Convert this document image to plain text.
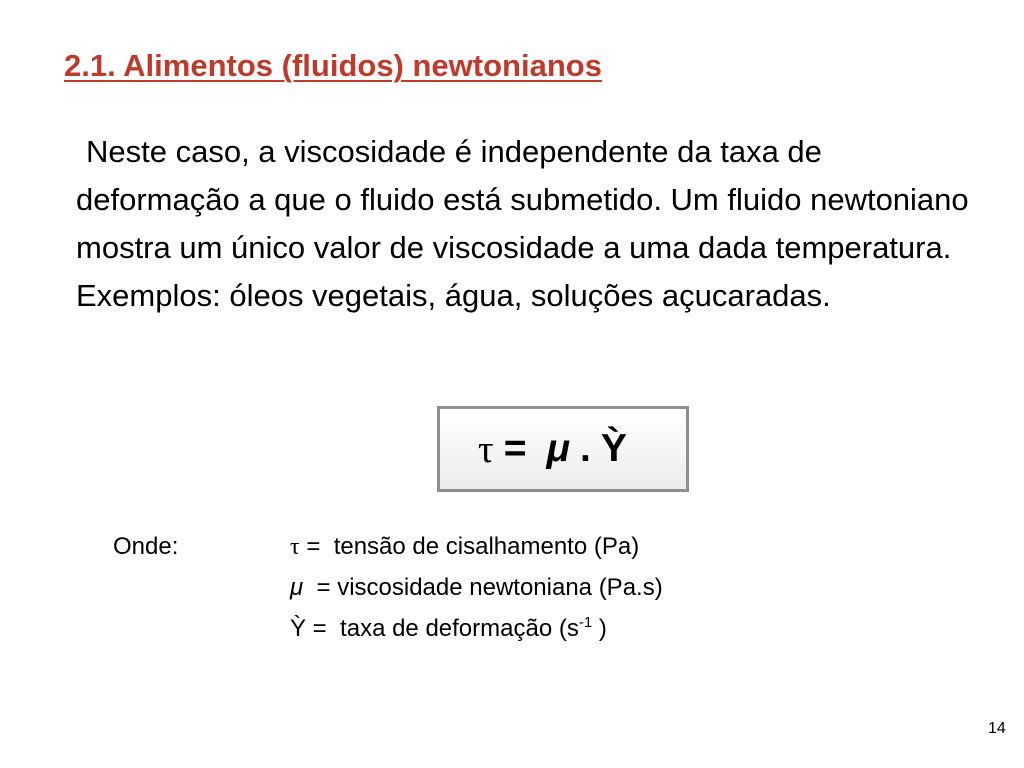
2.1. Alimentos (fluidos) newtonianos

Neste caso, a viscosidade é independente da taxa de deformação a que o fluido está submetido. Um fluido newtoniano mostra um único valor de viscosidade a uma dada temperatura. Exemplos: óleos vegetais, água, soluções açucaradas.

τ = μ . Ỳ
Onde:	τ =  tensão de cisalhamento (Pa)
μ  = viscosidade newtoniana (Pa.s)
Ỳ =  taxa de deformação ($s^{-1}$ )
14
